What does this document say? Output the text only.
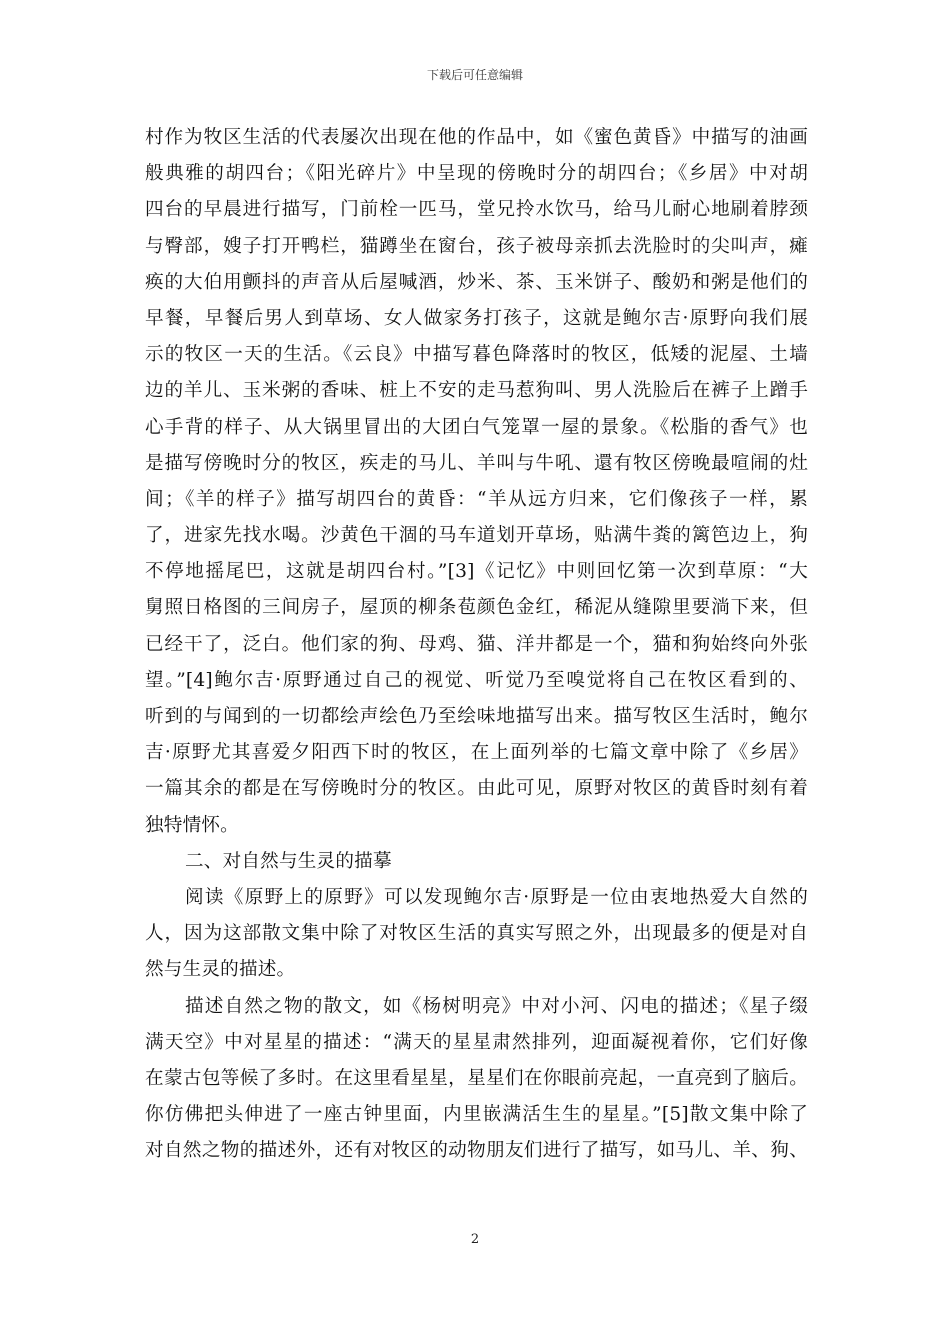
下载后可任意编辑
村作为牧区生活的代表屡次出现在他的作品中，如《蜜色黄昏》中描写的油画
般典雅的胡四台；《阳光碎片》中呈现的傍晚时分的胡四台；《乡居》中对胡
四台的早晨进行描写，门前栓一匹马，堂兄拎水饮马，给马儿耐心地刷着脖颈
与臀部，嫂子打开鸭栏，猫蹲坐在窗台，孩子被母亲抓去洗脸时的尖叫声，瘫
痪的大伯用颤抖的声音从后屋喊酒，炒米、茶、玉米饼子、酸奶和粥是他们的
早餐，早餐后男人到草场、女人做家务打孩子，这就是鲍尔吉·原野向我们展
示的牧区一天的生活。《云良》中描写暮色降落时的牧区，低矮的泥屋、土墙
边的羊儿、玉米粥的香味、桩上不安的走马惹狗叫、男人洗脸后在裤子上蹭手
心手背的样子、从大锅里冒出的大团白气笼罩一屋的景象。《松脂的香气》也
是描写傍晚时分的牧区，疾走的马儿、羊叫与牛吼、還有牧区傍晚最喧闹的灶
间；《羊的样子》描写胡四台的黄昏：“羊从远方归来，它们像孩子一样，累
了，进家先找水喝。沙黄色干涸的马车道划开草场，贴满牛粪的篱笆边上，狗
不停地摇尾巴，这就是胡四台村。”[3]《记忆》中则回忆第一次到草原：“大
舅照日格图的三间房子，屋顶的柳条苞颜色金红，稀泥从缝隙里要淌下来，但
已经干了，泛白。他们家的狗、母鸡、猫、洋井都是一个，猫和狗始终向外张
望。”[4]鲍尔吉·原野通过自己的视觉、听觉乃至嗅觉将自己在牧区看到的、
听到的与闻到的一切都绘声绘色乃至绘味地描写出来。描写牧区生活时，鲍尔
吉·原野尤其喜爱夕阳西下时的牧区，在上面列举的七篇文章中除了《乡居》
一篇其余的都是在写傍晚时分的牧区。由此可见，原野对牧区的黄昏时刻有着
独特情怀。
二、对自然与生灵的描摹
阅读《原野上的原野》可以发现鲍尔吉·原野是一位由衷地热爱大自然的
人，因为这部散文集中除了对牧区生活的真实写照之外，出现最多的便是对自
然与生灵的描述。
描述自然之物的散文，如《杨树明亮》中对小河、闪电的描述；《星子缀
满天空》中对星星的描述：“满天的星星肃然排列，迎面凝视着你，它们好像
在蒙古包等候了多时。在这里看星星，星星们在你眼前亮起，一直亮到了脑后。
你仿佛把头伸进了一座古钟里面，内里嵌满活生生的星星。”[5]散文集中除了
对自然之物的描述外，还有对牧区的动物朋友们进行了描写，如马儿、羊、狗、
2
